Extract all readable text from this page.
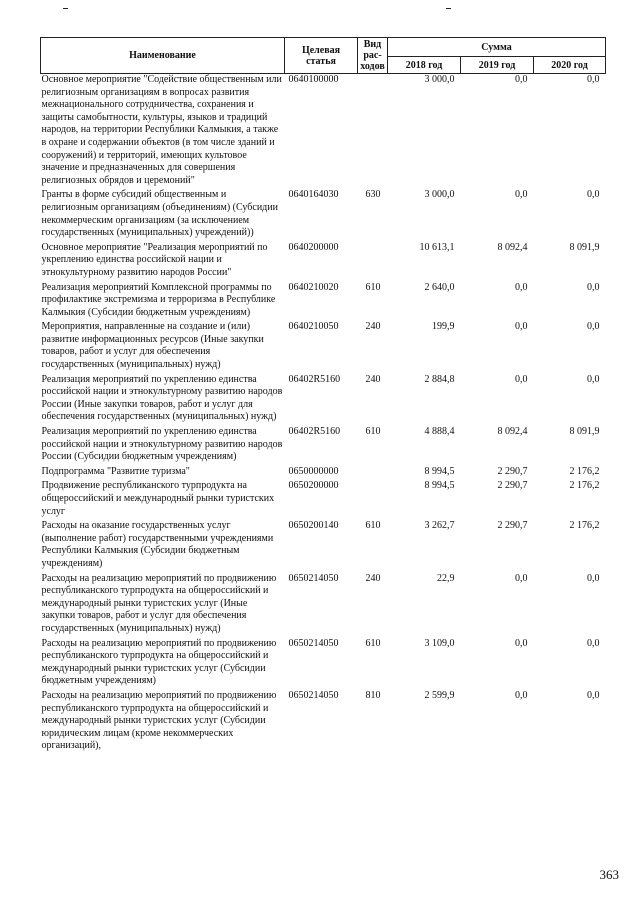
Наименование	Целевая статья	Вид рас- ходов	Сумма		
			2018 год	2019 год	2020 год
Основное мероприятие "Содействие общественным или религиозным организациям в вопросах развития межнационального сотрудничества, сохранения и защиты самобытности, культуры, языков и традиций народов, на территории Республики Калмыкия, а также в охране и содержании объектов (в том числе зданий и сооружений) и территорий, имеющих культовое значение и предназначенных для совершения религиозных обрядов и церемоний"	0640100000		3 000,0	0,0	0,0
Гранты в форме субсидий общественным и религиозным организациям (объединениям) (Субсидии некоммерческим организациям (за исключением государственных (муниципальных) учреждений))	0640164030	630	3 000,0	0,0	0,0
Основное мероприятие "Реализация мероприятий по укреплению единства российской нации и этнокультурному развитию народов России"	0640200000		10 613,1	8 092,4	8 091,9
Реализация мероприятий Комплексной программы по профилактике экстремизма и терроризма в Республике Калмыкия (Субсидии бюджетным учреждениям)	0640210020	610	2 640,0	0,0	0,0
Мероприятия, направленные на создание и (или) развитие информационных ресурсов (Иные закупки товаров, работ и услуг для обеспечения государственных (муниципальных) нужд)	0640210050	240	199,9	0,0	0,0
Реализация мероприятий по укреплению единства российской нации и этнокультурному развитию народов России (Иные закупки товаров, работ и услуг для обеспечения государственных (муниципальных) нужд)	06402R5160	240	2 884,8	0,0	0,0
Реализация мероприятий по укреплению единства российской нации и этнокультурному развитию народов России (Субсидии бюджетным учреждениям)	06402R5160	610	4 888,4	8 092,4	8 091,9
Подпрограмма "Развитие туризма"	0650000000		8 994,5	2 290,7	2 176,2
Продвижение республиканского турпродукта на общероссийский и международный рынки туристских услуг	0650200000		8 994,5	2 290,7	2 176,2
Расходы на оказание государственных услуг (выполнение работ) государственными учреждениями Республики Калмыкия (Субсидии бюджетным учреждениям)	0650200140	610	3 262,7	2 290,7	2 176,2
Расходы на реализацию мероприятий по продвижению республиканского турпродукта на общероссийский и международный рынки туристских услуг (Иные закупки товаров, работ и услуг для обеспечения государственных (муниципальных) нужд)	0650214050	240	22,9	0,0	0,0
Расходы на реализацию мероприятий по продвижению республиканского турпродукта на общероссийский и международный рынки туристских услуг (Субсидии бюджетным учреждениям)	0650214050	610	3 109,0	0,0	0,0
Расходы на реализацию мероприятий по продвижению республиканского турпродукта на общероссийский и международный рынки туристских услуг (Субсидии юридическим лицам (кроме некоммерческих организаций),	0650214050	810	2 599,9	0,0	0,0
363
